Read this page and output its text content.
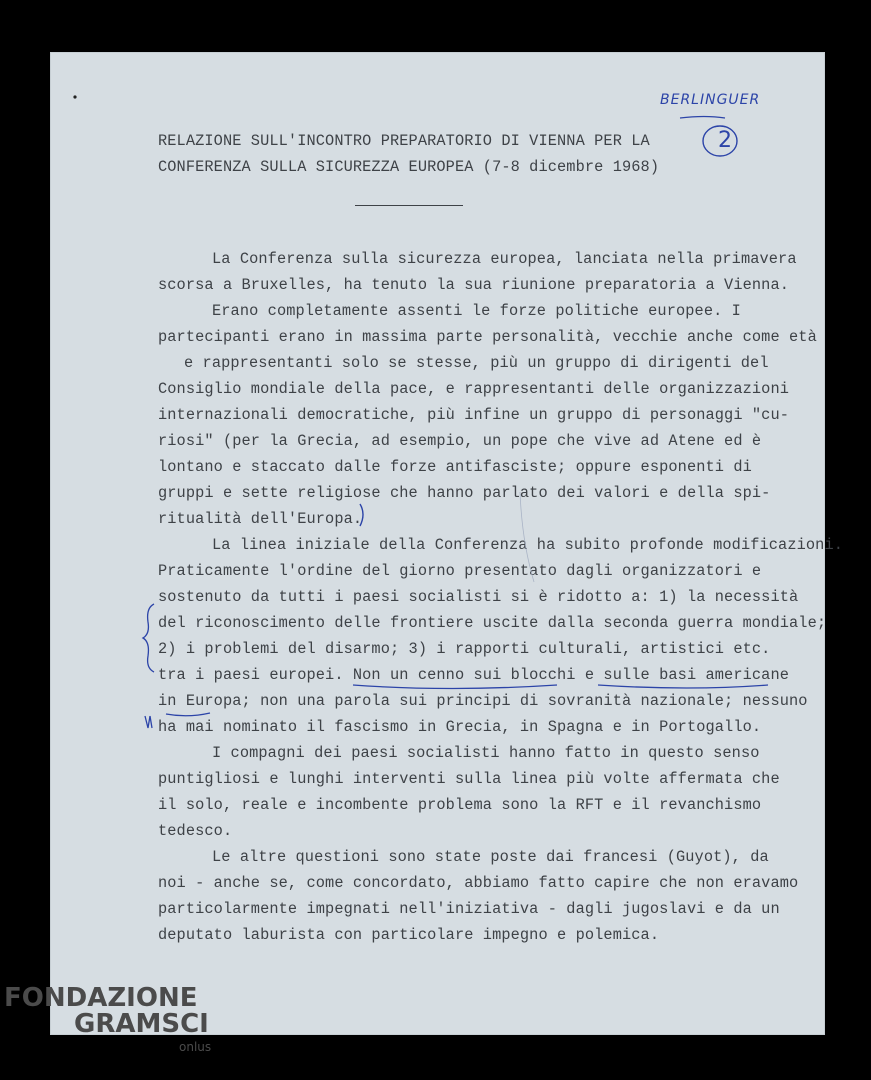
BERLINGUER
2
RELAZIONE SULL'INCONTRO PREPARATORIO DI VIENNA PER LA
CONFERENZA SULLA SICUREZZA EUROPEA (7-8 dicembre 1968)
La Conferenza sulla sicurezza europea, lanciata nella primavera
scorsa a Bruxelles, ha tenuto la sua riunione preparatoria a Vienna.
Erano completamente assenti le forze politiche europee. I
partecipanti erano in massima parte personalità, vecchie anche come età
e rappresentanti solo se stesse, più un gruppo di dirigenti del
Consiglio mondiale della pace, e rappresentanti delle organizzazioni
internazionali democratiche, più infine un gruppo di personaggi "cu-
riosi" (per la Grecia, ad esempio, un pope che vive ad Atene ed è
lontano e staccato dalle forze antifasciste; oppure esponenti di
gruppi e sette religiose che hanno parlato dei valori e della spi-
ritualità dell'Europa.
La linea iniziale della Conferenza ha subito profonde modificazioni.
Praticamente l'ordine del giorno presentato dagli organizzatori e
sostenuto da tutti i paesi socialisti si è ridotto a: 1) la necessità
del riconoscimento delle frontiere uscite dalla seconda guerra mondiale;
2) i problemi del disarmo; 3) i rapporti culturali, artistici etc.
tra i paesi europei. Non un cenno sui blocchi e sulle basi americane
in Europa; non una parola sui principi di sovranità nazionale; nessuno
ha mai nominato il fascismo in Grecia, in Spagna e in Portogallo.
I compagni dei paesi socialisti hanno fatto in questo senso
puntigliosi e lunghi interventi sulla linea più volte affermata che
il solo, reale e incombente problema sono la RFT e il revanchismo
tedesco.
Le altre questioni sono state poste dai francesi (Guyot), da
noi - anche se, come concordato, abbiamo fatto capire che non eravamo
particolarmente impegnati nell'iniziativa - dagli jugoslavi e da un
deputato laburista con particolare impegno e polemica.
FONDAZIONE
GRAMSCI
onlus
